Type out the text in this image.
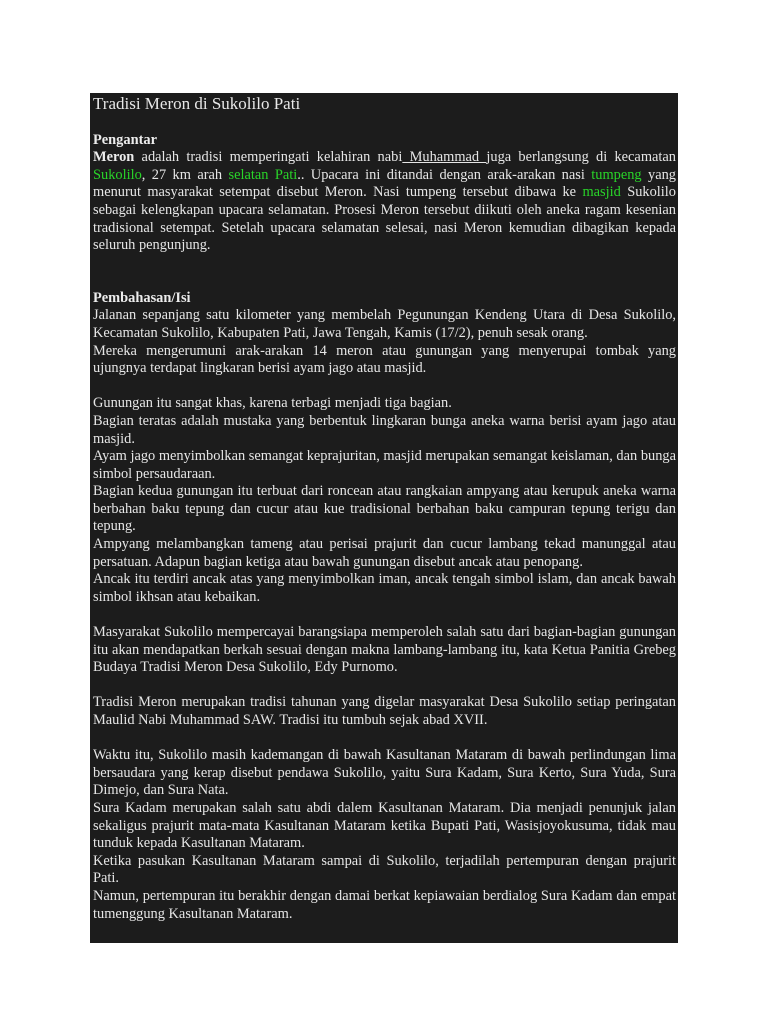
Tradisi Meron di Sukolilo Pati
Pengantar

Meron adalah tradisi memperingati kelahiran nabi Muhammad juga berlangsung di kecamatan Sukolilo, 27 km arah selatan Pati.. Upacara ini ditandai dengan arak-arakan nasi tumpeng yang menurut masyarakat setempat disebut Meron. Nasi tumpeng tersebut dibawa ke masjid Sukolilo sebagai kelengkapan upacara selamatan. Prosesi Meron tersebut diikuti oleh aneka ragam kesenian tradisional setempat. Setelah upacara selamatan selesai, nasi Meron kemudian dibagikan kepada seluruh pengunjung.

Pembahasan/Isi

Jalanan sepanjang satu kilometer yang membelah Pegunungan Kendeng Utara di Desa Sukolilo, Kecamatan Sukolilo, Kabupaten Pati, Jawa Tengah, Kamis (17/2), penuh sesak orang.

Mereka mengerumuni arak-arakan 14 meron atau gunungan yang menyerupai tombak yang ujungnya terdapat lingkaran berisi ayam jago atau masjid.

Gunungan itu sangat khas, karena terbagi menjadi tiga bagian.

Bagian teratas adalah mustaka yang berbentuk lingkaran bunga aneka warna berisi ayam jago atau masjid.

Ayam jago menyimbolkan semangat keprajuritan, masjid merupakan semangat keislaman, dan bunga simbol persaudaraan.

Bagian kedua gunungan itu terbuat dari roncean atau rangkaian ampyang atau kerupuk aneka warna berbahan baku tepung dan cucur atau kue tradisional berbahan baku campuran tepung terigu dan tepung.

Ampyang melambangkan tameng atau perisai prajurit dan cucur lambang tekad manunggal atau persatuan. Adapun bagian ketiga atau bawah gunungan disebut ancak atau penopang.

Ancak itu terdiri ancak atas yang menyimbolkan iman, ancak tengah simbol islam, dan ancak bawah simbol ikhsan atau kebaikan.

Masyarakat Sukolilo mempercayai barangsiapa memperoleh salah satu dari bagian-bagian gunungan itu akan mendapatkan berkah sesuai dengan makna lambang-lambang itu, kata Ketua Panitia Grebeg Budaya Tradisi Meron Desa Sukolilo, Edy Purnomo.

Tradisi Meron merupakan tradisi tahunan yang digelar masyarakat Desa Sukolilo setiap peringatan Maulid Nabi Muhammad SAW. Tradisi itu tumbuh sejak abad XVII.

Waktu itu, Sukolilo masih kademangan di bawah Kasultanan Mataram di bawah perlindungan lima bersaudara yang kerap disebut pendawa Sukolilo, yaitu Sura Kadam, Sura Kerto, Sura Yuda, Sura Dimejo, dan Sura Nata.

Sura Kadam merupakan salah satu abdi dalem Kasultanan Mataram. Dia menjadi penunjuk jalan sekaligus prajurit mata-mata Kasultanan Mataram ketika Bupati Pati, Wasisjoyokusuma, tidak mau tunduk kepada Kasultanan Mataram.

Ketika pasukan Kasultanan Mataram sampai di Sukolilo, terjadilah pertempuran dengan prajurit Pati.

Namun, pertempuran itu berakhir dengan damai berkat kepiawaian berdialog Sura Kadam dan empat tumenggung Kasultanan Mataram.
